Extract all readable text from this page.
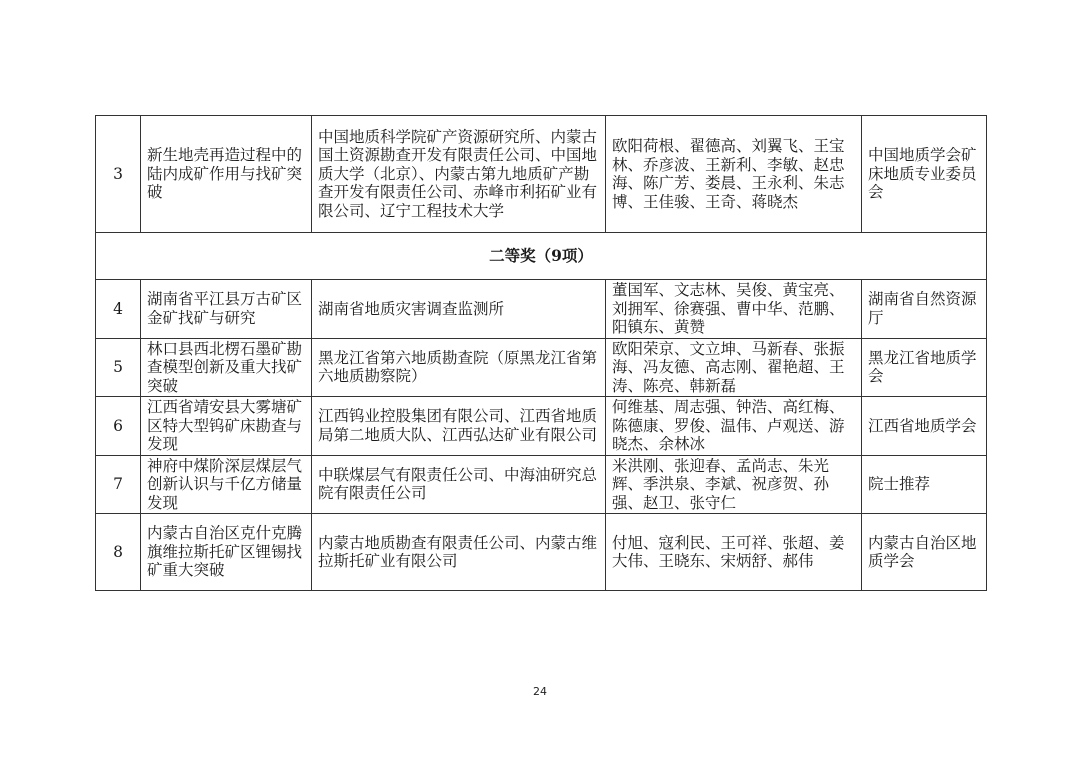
3	新生地壳再造过程中的陆内成矿作用与找矿突破	中国地质科学院矿产资源研究所、内蒙古国土资源勘查开发有限责任公司、中国地质大学（北京）、内蒙古第九地质矿产勘查开发有限责任公司、赤峰市利拓矿业有限公司、辽宁工程技术大学	欧阳荷根、翟德高、刘翼飞、王宝林、乔彦波、王新利、李敏、赵忠海、陈广芳、娄晨、王永利、朱志博、王佳骏、王奇、蒋晓杰	中国地质学会矿床地质专业委员会
二等奖（9项）				
4	湖南省平江县万古矿区金矿找矿与研究	湖南省地质灾害调查监测所	董国军、文志林、吴俊、黄宝亮、刘拥军、徐赛强、曹中华、范鹏、阳镇东、黄赞	湖南省自然资源厅
5	林口县西北楞石墨矿勘查模型创新及重大找矿突破	黑龙江省第六地质勘查院（原黑龙江省第六地质勘察院）	欧阳荣京、文立坤、马新春、张振海、冯友德、高志刚、翟艳超、王涛、陈亮、韩新磊	黑龙江省地质学会
6	江西省靖安县大雾塘矿区特大型钨矿床勘查与发现	江西钨业控股集团有限公司、江西省地质局第二地质大队、江西弘达矿业有限公司	何维基、周志强、钟浩、高红梅、陈德康、罗俊、温伟、卢观送、游晓杰、余林冰	江西省地质学会
7	神府中煤阶深层煤层气创新认识与千亿方储量发现	中联煤层气有限责任公司、中海油研究总院有限责任公司	米洪刚、张迎春、孟尚志、朱光辉、季洪泉、李斌、祝彦贺、孙强、赵卫、张守仁	院士推荐
8	内蒙古自治区克什克腾旗维拉斯托矿区锂锡找矿重大突破	内蒙古地质勘查有限责任公司、内蒙古维拉斯托矿业有限公司	付旭、寇利民、王可祥、张超、姜大伟、王晓东、宋炳舒、郝伟	内蒙古自治区地质学会
24
